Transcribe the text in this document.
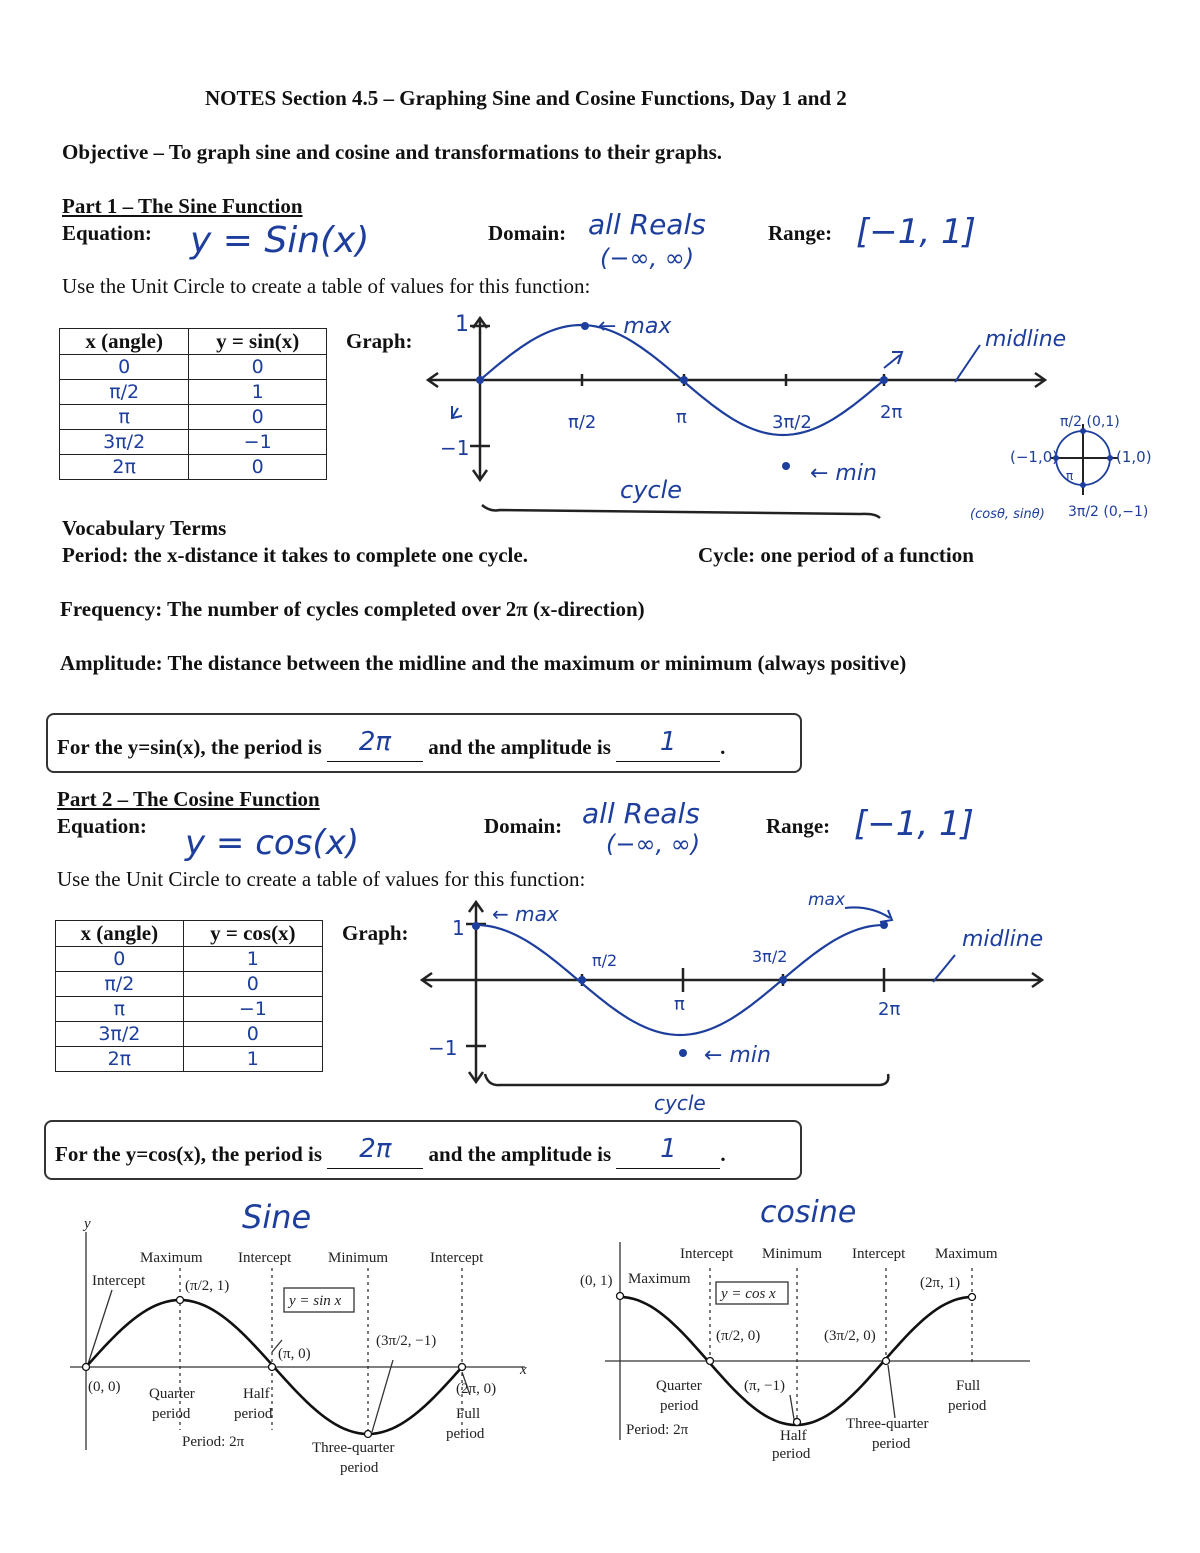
NOTES Section 4.5 – Graphing Sine and Cosine Functions, Day 1 and 2
Objective – To graph sine and cosine and transformations to their graphs.
Part 1 – The Sine Function
Equation: y = Sin(x)	Domain: all Reals
(−∞, ∞)
Range: [−1, 1]
Use the Unit Circle to create a table of values for this function:
x (angle)	y = sin(x)
0	0
π/2	1
π	0
3π/2	−1
2π	0
Graph:
1
−1
← max
← min
midline
cycle
π/2	π	3π/2	2π	π/2 (0,1)
(−1,0)	(1,0)
π
3π/2 (0,−1)
(cosθ, sinθ)
Vocabulary Terms
Period: the x-distance it takes to complete one cycle.	Cycle: one period of a function
Frequency: The number of cycles completed over 2π (x-direction)
Amplitude: The distance between the midline and the maximum or minimum (always positive)
For the y=sin(x), the period is 2π and the amplitude is 1 .
Part 2 – The Cosine Function
Equation: y = cos(x)	Domain: all Reals
(−∞, ∞)
Range: [−1, 1]
Use the Unit Circle to create a table of values for this function:
x (angle)	y = cos(x)
0	1
π/2	0
π	−1
3π/2	0
2π	1
Graph: 1
−1
← max
max
← min
midline
cycle
π/2	3π/2
π	2π
For the y=cos(x), the period is 2π and the amplitude is 1 .
Sine
y
x
Maximum Intercept Minimum	Intercept
Intercept
y = sin x
(π/2, 1)
(π, 0)
(3π/2, −1)
(0, 0)	(2π, 0)
Quarter
period
Half
period
Three-quarter
period
Full
period
Period: 2π
cosine
Intercept Minimum Intercept Maximum
(0, 1) Maximum	(2π, 1)
y = cos x
(π/2, 0)	(3π/2, 0)
(π, −1)
Quarter
period
Half
period
Three-quarter
period
Full
period
Period: 2π
